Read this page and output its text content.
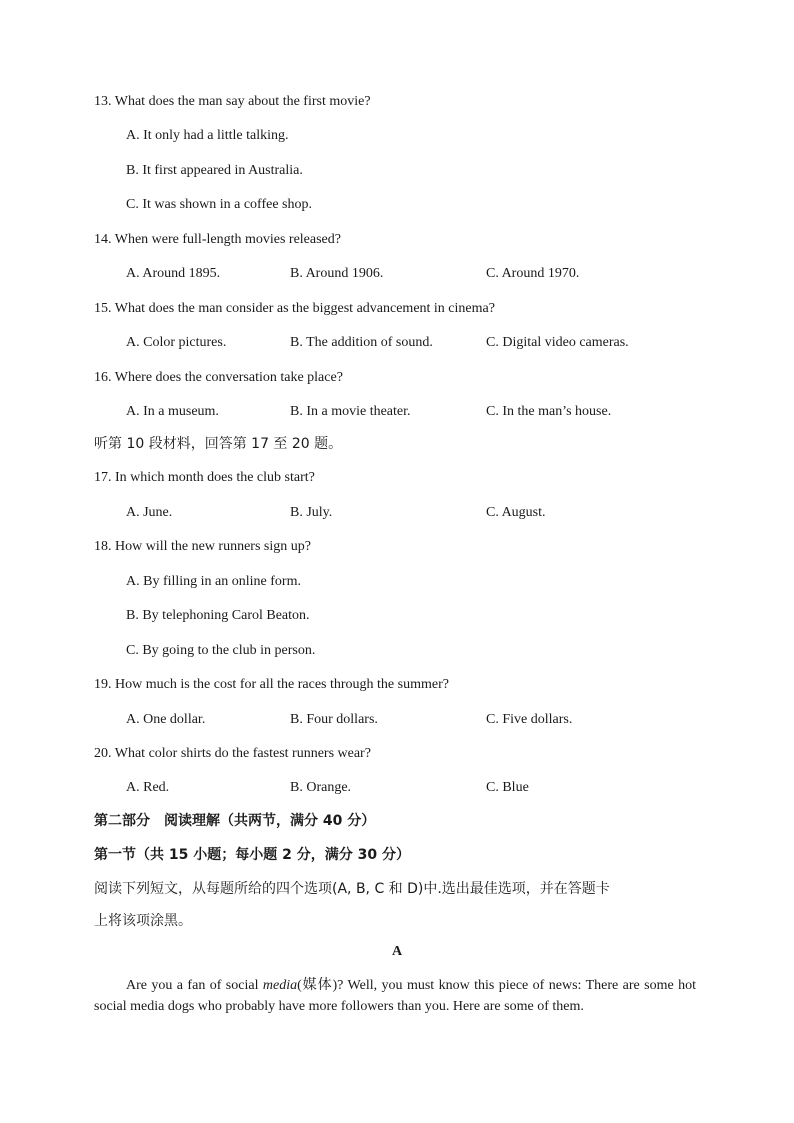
13. What does the man say about the first movie?
A. It only had a little talking.
B. It first appeared in Australia.
C. It was shown in a coffee shop.
14. When were full-length movies released?
A. Around 1895.	B. Around 1906.	C. Around 1970.
15. What does the man consider as the biggest advancement in cinema?
A. Color pictures.	B. The addition of sound.	C. Digital video cameras.
16. Where does the conversation take place?
A. In a museum.	B. In a movie theater.	C. In the man’s house.
听第 10 段材料，回答第 17 至 20 题。
17. In which month does the club start?
A. June.	B. July.	C. August.
18. How will the new runners sign up?
A. By filling in an online form.
B. By telephoning Carol Beaton.
C. By going to the club in person.
19. How much is the cost for all the races through the summer?
A. One dollar.	B. Four dollars.	C. Five dollars.
20. What color shirts do the fastest runners wear?
A. Red.	B. Orange.	C. Blue
第二部分　阅读理解（共两节，满分 40 分）
第一节（共 15 小题；每小题 2 分，满分 30 分）
阅读下列短文，从每题所给的四个选项(A, B, C 和 D)中.选出最佳选项，并在答题卡
上将该项涂黑。
A
Are you a fan of social media(媒体)? Well, you must know this piece of news: There are some hot social media dogs who probably have more followers than you. Here are some of them.
